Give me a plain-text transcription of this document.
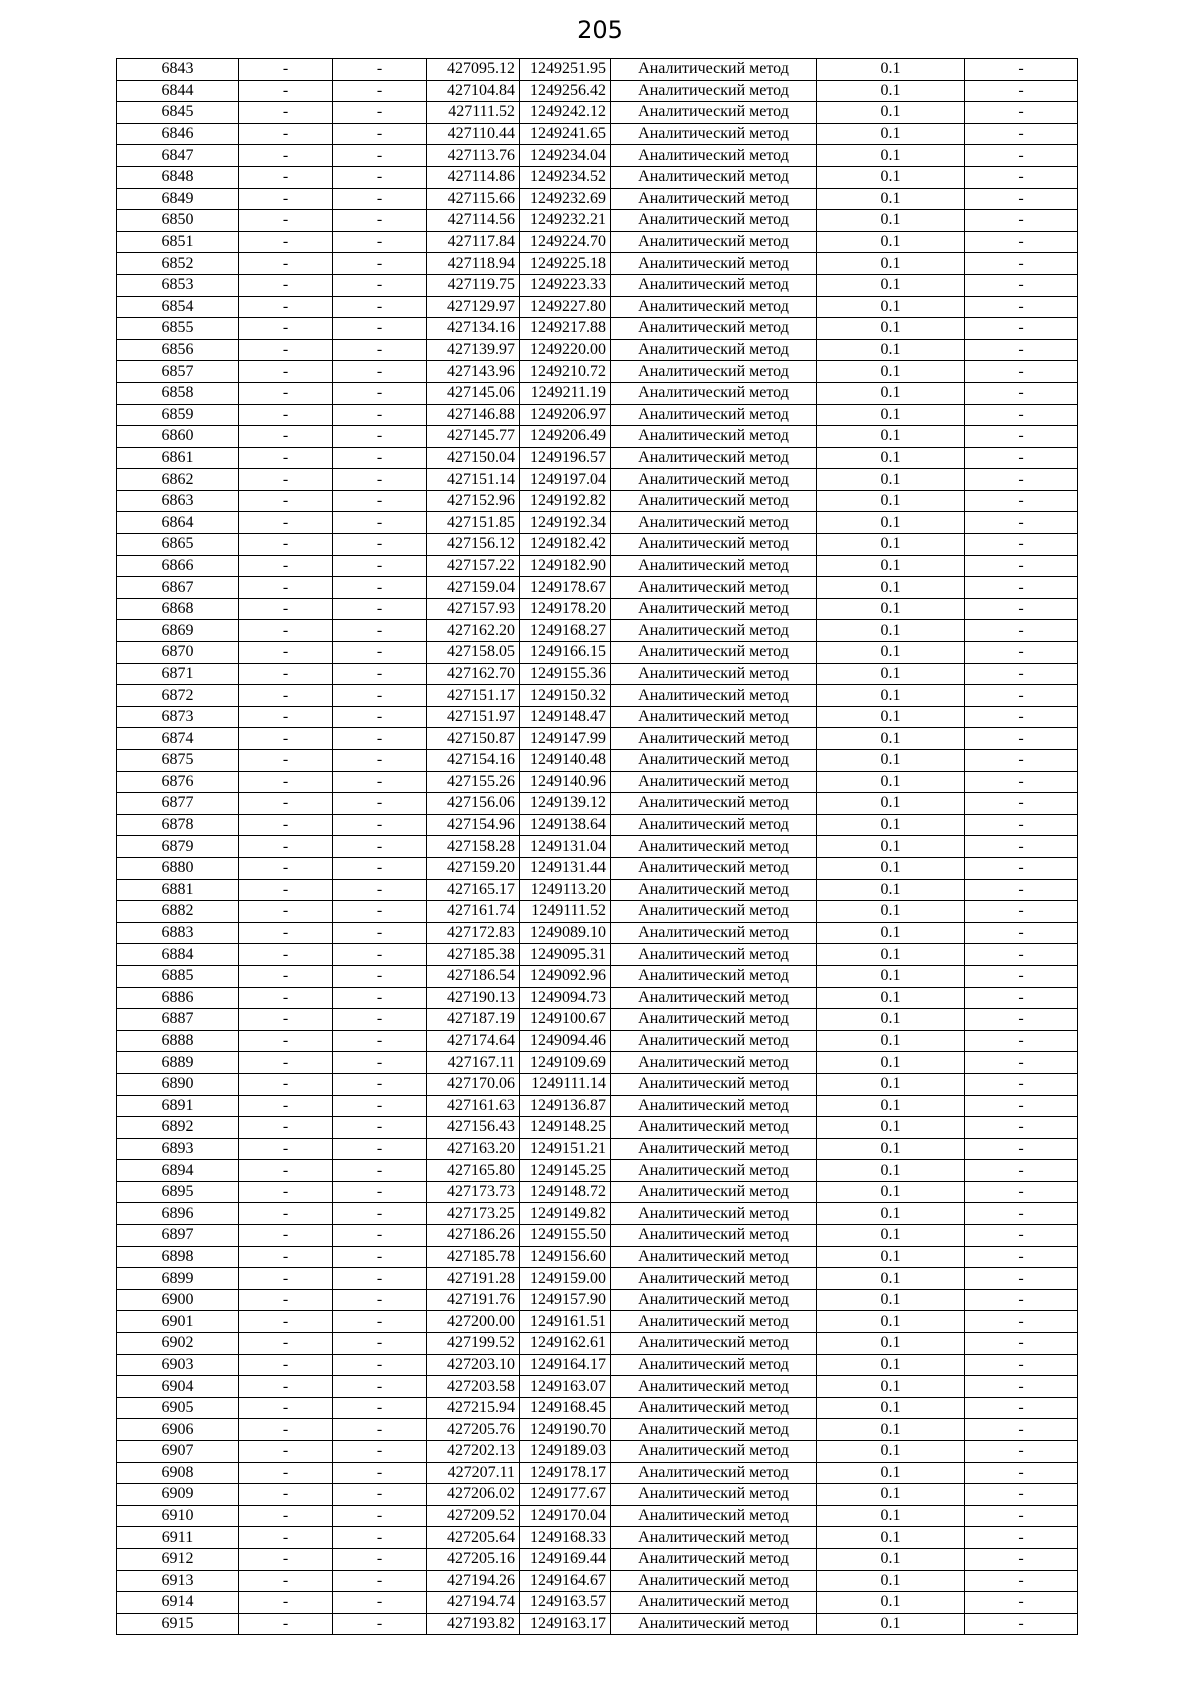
205
6843	-	-	427095.12	1249251.95	Аналитический метод	0.1	-
6844	-	-	427104.84	1249256.42	Аналитический метод	0.1	-
6845	-	-	427111.52	1249242.12	Аналитический метод	0.1	-
6846	-	-	427110.44	1249241.65	Аналитический метод	0.1	-
6847	-	-	427113.76	1249234.04	Аналитический метод	0.1	-
6848	-	-	427114.86	1249234.52	Аналитический метод	0.1	-
6849	-	-	427115.66	1249232.69	Аналитический метод	0.1	-
6850	-	-	427114.56	1249232.21	Аналитический метод	0.1	-
6851	-	-	427117.84	1249224.70	Аналитический метод	0.1	-
6852	-	-	427118.94	1249225.18	Аналитический метод	0.1	-
6853	-	-	427119.75	1249223.33	Аналитический метод	0.1	-
6854	-	-	427129.97	1249227.80	Аналитический метод	0.1	-
6855	-	-	427134.16	1249217.88	Аналитический метод	0.1	-
6856	-	-	427139.97	1249220.00	Аналитический метод	0.1	-
6857	-	-	427143.96	1249210.72	Аналитический метод	0.1	-
6858	-	-	427145.06	1249211.19	Аналитический метод	0.1	-
6859	-	-	427146.88	1249206.97	Аналитический метод	0.1	-
6860	-	-	427145.77	1249206.49	Аналитический метод	0.1	-
6861	-	-	427150.04	1249196.57	Аналитический метод	0.1	-
6862	-	-	427151.14	1249197.04	Аналитический метод	0.1	-
6863	-	-	427152.96	1249192.82	Аналитический метод	0.1	-
6864	-	-	427151.85	1249192.34	Аналитический метод	0.1	-
6865	-	-	427156.12	1249182.42	Аналитический метод	0.1	-
6866	-	-	427157.22	1249182.90	Аналитический метод	0.1	-
6867	-	-	427159.04	1249178.67	Аналитический метод	0.1	-
6868	-	-	427157.93	1249178.20	Аналитический метод	0.1	-
6869	-	-	427162.20	1249168.27	Аналитический метод	0.1	-
6870	-	-	427158.05	1249166.15	Аналитический метод	0.1	-
6871	-	-	427162.70	1249155.36	Аналитический метод	0.1	-
6872	-	-	427151.17	1249150.32	Аналитический метод	0.1	-
6873	-	-	427151.97	1249148.47	Аналитический метод	0.1	-
6874	-	-	427150.87	1249147.99	Аналитический метод	0.1	-
6875	-	-	427154.16	1249140.48	Аналитический метод	0.1	-
6876	-	-	427155.26	1249140.96	Аналитический метод	0.1	-
6877	-	-	427156.06	1249139.12	Аналитический метод	0.1	-
6878	-	-	427154.96	1249138.64	Аналитический метод	0.1	-
6879	-	-	427158.28	1249131.04	Аналитический метод	0.1	-
6880	-	-	427159.20	1249131.44	Аналитический метод	0.1	-
6881	-	-	427165.17	1249113.20	Аналитический метод	0.1	-
6882	-	-	427161.74	1249111.52	Аналитический метод	0.1	-
6883	-	-	427172.83	1249089.10	Аналитический метод	0.1	-
6884	-	-	427185.38	1249095.31	Аналитический метод	0.1	-
6885	-	-	427186.54	1249092.96	Аналитический метод	0.1	-
6886	-	-	427190.13	1249094.73	Аналитический метод	0.1	-
6887	-	-	427187.19	1249100.67	Аналитический метод	0.1	-
6888	-	-	427174.64	1249094.46	Аналитический метод	0.1	-
6889	-	-	427167.11	1249109.69	Аналитический метод	0.1	-
6890	-	-	427170.06	1249111.14	Аналитический метод	0.1	-
6891	-	-	427161.63	1249136.87	Аналитический метод	0.1	-
6892	-	-	427156.43	1249148.25	Аналитический метод	0.1	-
6893	-	-	427163.20	1249151.21	Аналитический метод	0.1	-
6894	-	-	427165.80	1249145.25	Аналитический метод	0.1	-
6895	-	-	427173.73	1249148.72	Аналитический метод	0.1	-
6896	-	-	427173.25	1249149.82	Аналитический метод	0.1	-
6897	-	-	427186.26	1249155.50	Аналитический метод	0.1	-
6898	-	-	427185.78	1249156.60	Аналитический метод	0.1	-
6899	-	-	427191.28	1249159.00	Аналитический метод	0.1	-
6900	-	-	427191.76	1249157.90	Аналитический метод	0.1	-
6901	-	-	427200.00	1249161.51	Аналитический метод	0.1	-
6902	-	-	427199.52	1249162.61	Аналитический метод	0.1	-
6903	-	-	427203.10	1249164.17	Аналитический метод	0.1	-
6904	-	-	427203.58	1249163.07	Аналитический метод	0.1	-
6905	-	-	427215.94	1249168.45	Аналитический метод	0.1	-
6906	-	-	427205.76	1249190.70	Аналитический метод	0.1	-
6907	-	-	427202.13	1249189.03	Аналитический метод	0.1	-
6908	-	-	427207.11	1249178.17	Аналитический метод	0.1	-
6909	-	-	427206.02	1249177.67	Аналитический метод	0.1	-
6910	-	-	427209.52	1249170.04	Аналитический метод	0.1	-
6911	-	-	427205.64	1249168.33	Аналитический метод	0.1	-
6912	-	-	427205.16	1249169.44	Аналитический метод	0.1	-
6913	-	-	427194.26	1249164.67	Аналитический метод	0.1	-
6914	-	-	427194.74	1249163.57	Аналитический метод	0.1	-
6915	-	-	427193.82	1249163.17	Аналитический метод	0.1	-
